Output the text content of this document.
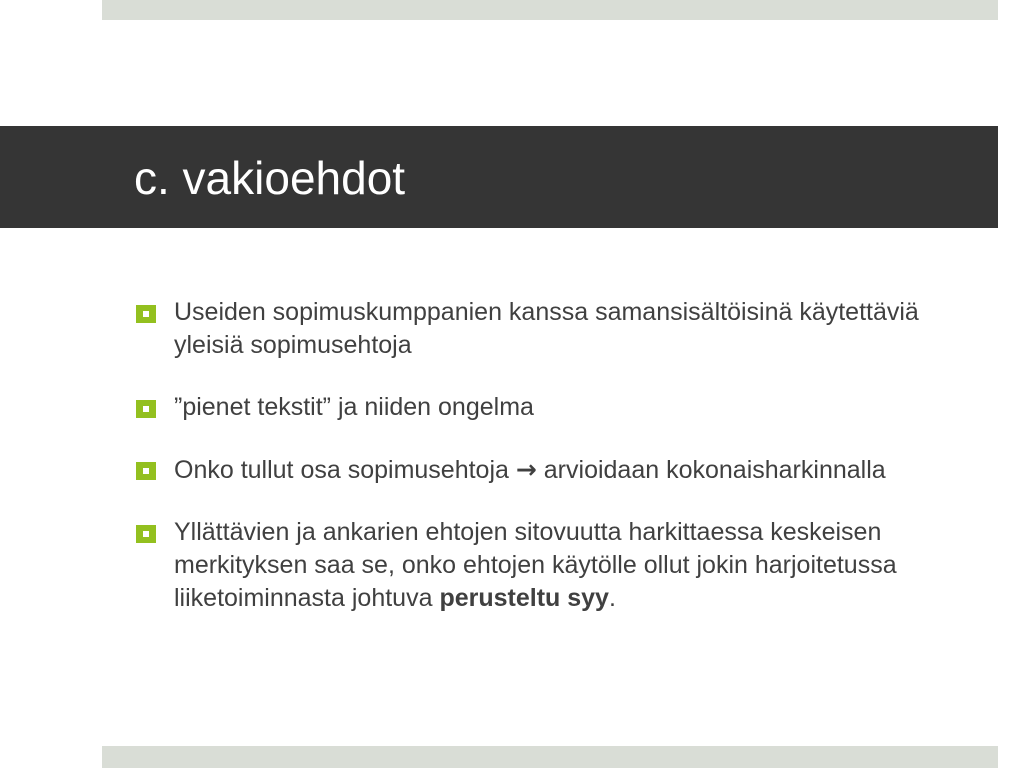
c. vakioehdot
Useiden sopimuskumppanien kanssa samansisältöisinä käytettäviä yleisiä sopimusehtoja
”pienet tekstit” ja niiden ongelma
Onko tullut osa sopimusehtoja → arvioidaan kokonaisharkinnalla
Yllättävien ja ankarien ehtojen sitovuutta harkittaessa keskeisen merkityksen saa se, onko ehtojen käytölle ollut jokin harjoitetussa liiketoiminnasta johtuva perusteltu syy.
